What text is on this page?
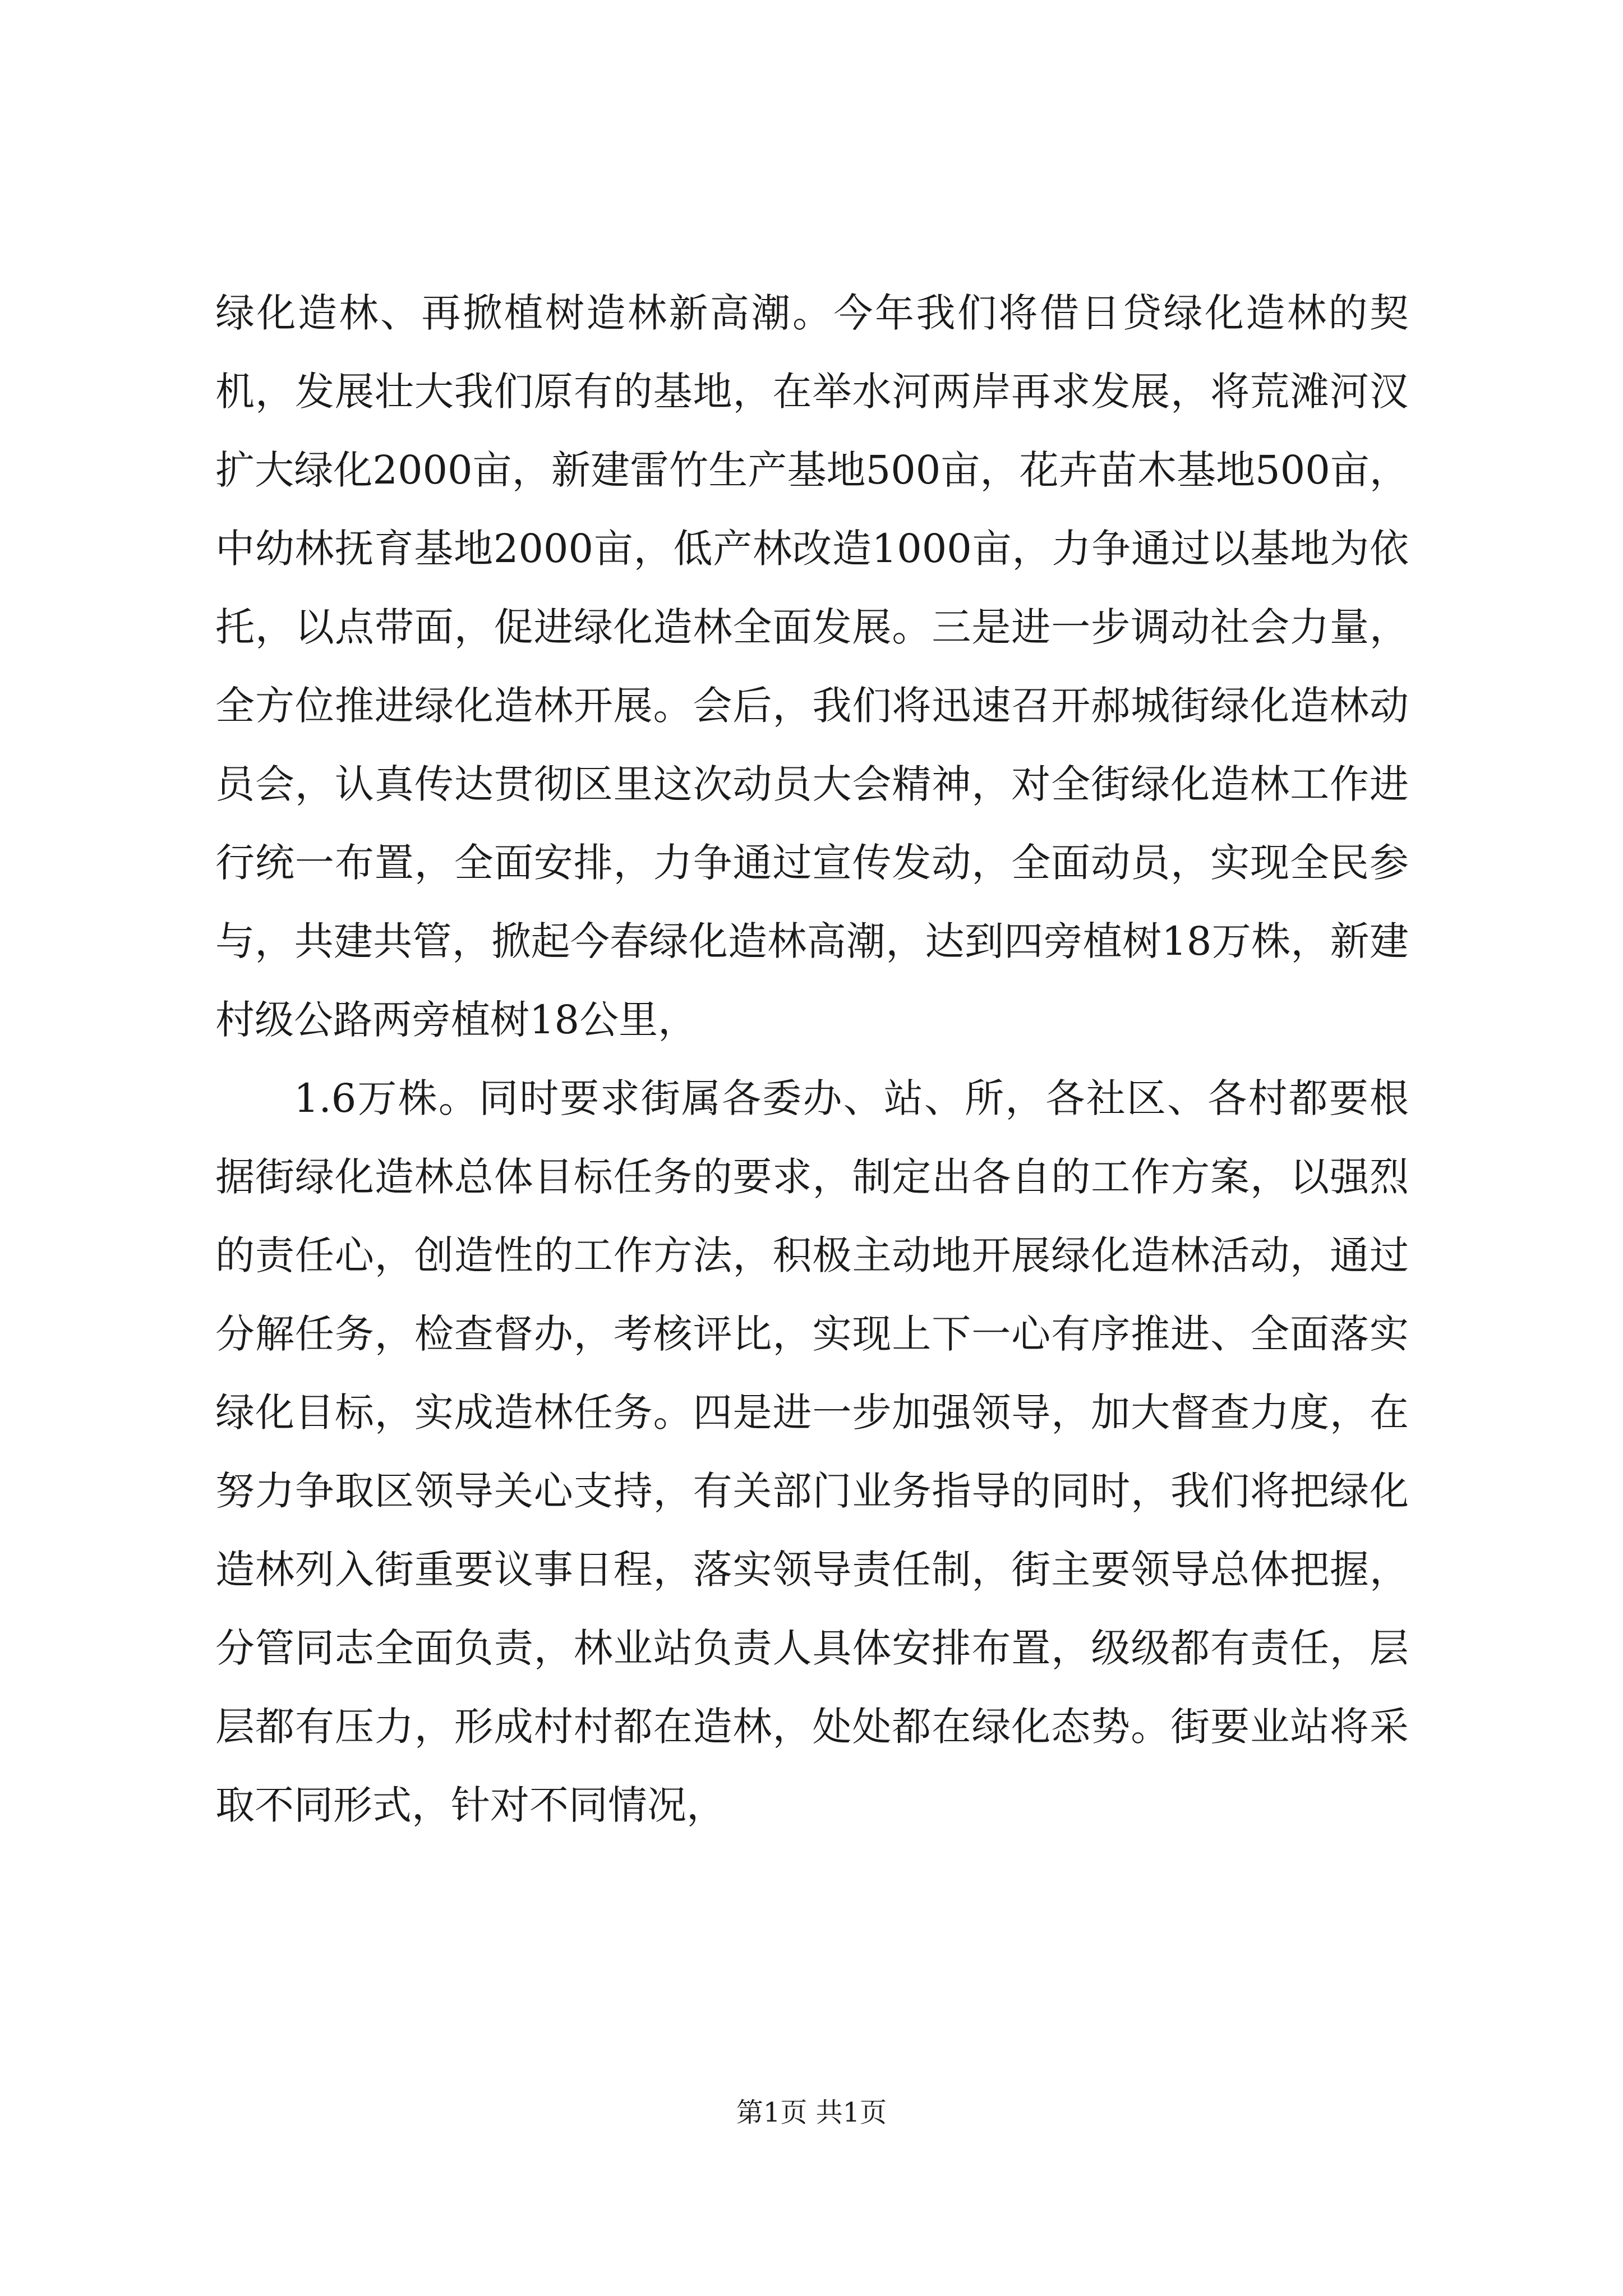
绿化造林、再掀植树造林新高潮。今年我们将借日贷绿化造林的契机，发展壮大我们原有的基地，在举水河两岸再求发展，将荒滩河汊扩大绿化2000亩，新建雷竹生产基地500亩，花卉苗木基地500亩，中幼林抚育基地2000亩，低产林改造1000亩，力争通过以基地为依托，以点带面，促进绿化造林全面发展。三是进一步调动社会力量，全方位推进绿化造林开展。会后，我们将迅速召开郝城街绿化造林动员会，认真传达贯彻区里这次动员大会精神，对全街绿化造林工作进行统一布置，全面安排，力争通过宣传发动，全面动员，实现全民参与，共建共管，掀起今春绿化造林高潮，达到四旁植树18万株，新建村级公路两旁植树18公里，

1.6万株。同时要求街属各委办、站、所，各社区、各村都要根据街绿化造林总体目标任务的要求，制定出各自的工作方案，以强烈的责任心，创造性的工作方法，积极主动地开展绿化造林活动，通过分解任务，检查督办，考核评比，实现上下一心有序推进、全面落实绿化目标，实成造林任务。四是进一步加强领导，加大督查力度，在努力争取区领导关心支持，有关部门业务指导的同时，我们将把绿化造林列入街重要议事日程，落实领导责任制，街主要领导总体把握，分管同志全面负责，林业站负责人具体安排布置，级级都有责任，层层都有压力，形成村村都在造林，处处都在绿化态势。街要业站将采取不同形式，针对不同情况，

第1页 共1页
